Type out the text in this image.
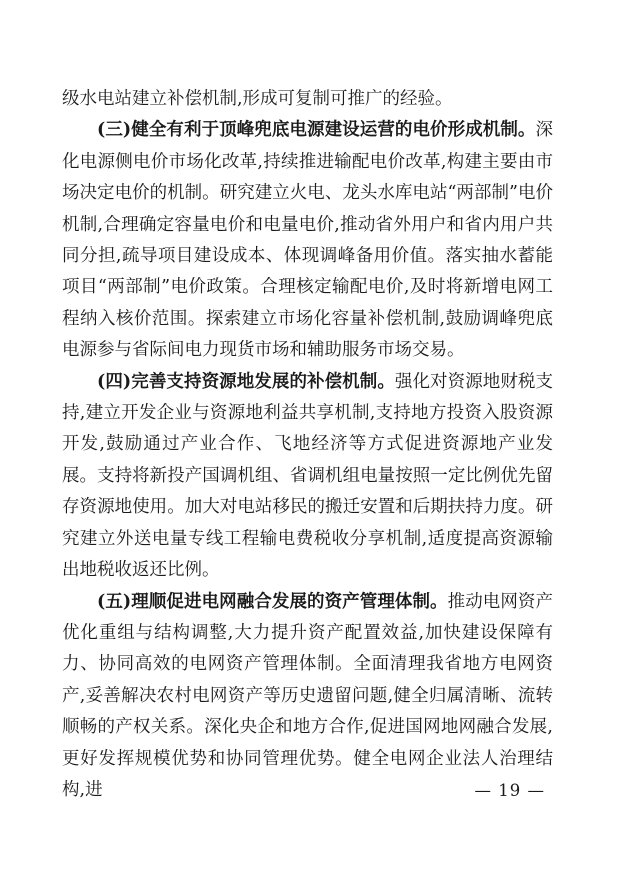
级水电站建立补偿机制,形成可复制可推广的经验。

(三)健全有利于顶峰兜底电源建设运营的电价形成机制。深化电源侧电价市场化改革,持续推进输配电价改革,构建主要由市场决定电价的机制。研究建立火电、龙头水库电站“两部制”电价机制,合理确定容量电价和电量电价,推动省外用户和省内用户共同分担,疏导项目建设成本、体现调峰备用价值。落实抽水蓄能项目“两部制”电价政策。合理核定输配电价,及时将新增电网工程纳入核价范围。探索建立市场化容量补偿机制,鼓励调峰兜底电源参与省际间电力现货市场和辅助服务市场交易。

(四)完善支持资源地发展的补偿机制。强化对资源地财税支持,建立开发企业与资源地利益共享机制,支持地方投资入股资源开发,鼓励通过产业合作、飞地经济等方式促进资源地产业发展。支持将新投产国调机组、省调机组电量按照一定比例优先留存资源地使用。加大对电站移民的搬迁安置和后期扶持力度。研究建立外送电量专线工程输电费税收分享机制,适度提高资源输出地税收返还比例。

(五)理顺促进电网融合发展的资产管理体制。推动电网资产优化重组与结构调整,大力提升资产配置效益,加快建设保障有力、协同高效的电网资产管理体制。全面清理我省地方电网资产,妥善解决农村电网资产等历史遗留问题,健全归属清晰、流转顺畅的产权关系。深化央企和地方合作,促进国网地网融合发展,更好发挥规模优势和协同管理优势。健全电网企业法人治理结构,进	— 19 —
